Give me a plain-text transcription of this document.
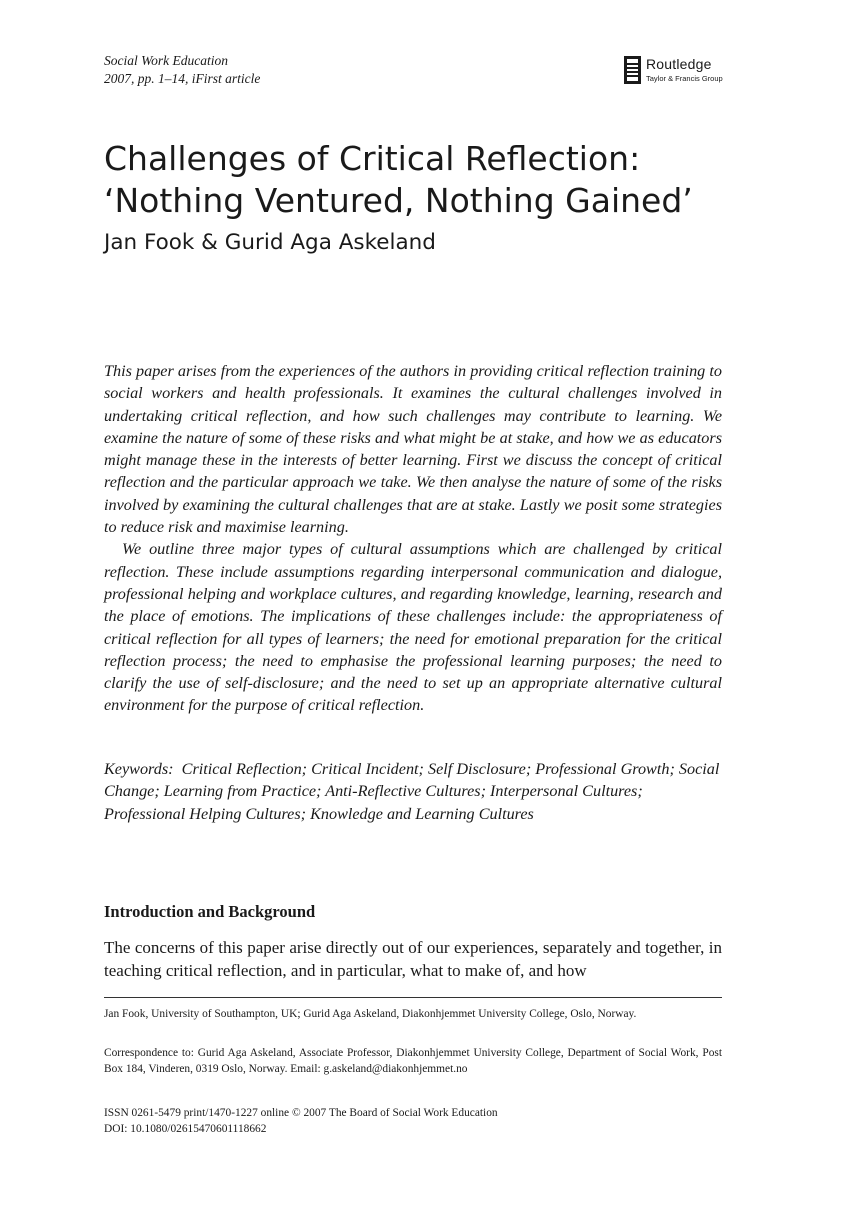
Social Work Education
2007, pp. 1–14, iFirst article
Routledge
Taylor & Francis Group
Challenges of Critical Reflection:
‘Nothing Ventured, Nothing Gained’
Jan Fook & Gurid Aga Askeland

This paper arises from the experiences of the authors in providing critical reflection training to social workers and health professionals. It examines the cultural challenges involved in undertaking critical reflection, and how such challenges may contribute to learning. We examine the nature of some of these risks and what might be at stake, and how we as educators might manage these in the interests of better learning. First we discuss the concept of critical reflection and the particular approach we take. We then analyse the nature of some of the risks involved by examining the cultural challenges that are at stake. Lastly we posit some strategies to reduce risk and maximise learning.

We outline three major types of cultural assumptions which are challenged by critical reflection. These include assumptions regarding interpersonal communication and dialogue, professional helping and workplace cultures, and regarding knowledge, learning, research and the place of emotions. The implications of these challenges include: the appropriateness of critical reflection for all types of learners; the need for emotional preparation for the critical reflection process; the need to emphasise the professional learning purposes; the need to clarify the use of self-disclosure; and the need to set up an appropriate alternative cultural environment for the purpose of critical reflection.

Keywords: Critical Reflection; Critical Incident; Self Disclosure; Professional Growth; Social Change; Learning from Practice; Anti-Reflective Cultures; Interpersonal Cultures; Professional Helping Cultures; Knowledge and Learning Cultures
Introduction and Background

The concerns of this paper arise directly out of our experiences, separately and together, in teaching critical reflection, and in particular, what to make of, and how

Jan Fook, University of Southampton, UK; Gurid Aga Askeland, Diakonhjemmet University College, Oslo, Norway.

Correspondence to: Gurid Aga Askeland, Associate Professor, Diakonhjemmet University College, Department of Social Work, Post Box 184, Vinderen, 0319 Oslo, Norway. Email: g.askeland@diakonhjemmet.no

ISSN 0261-5479 print/1470-1227 online © 2007 The Board of Social Work Education
DOI: 10.1080/02615470601118662
